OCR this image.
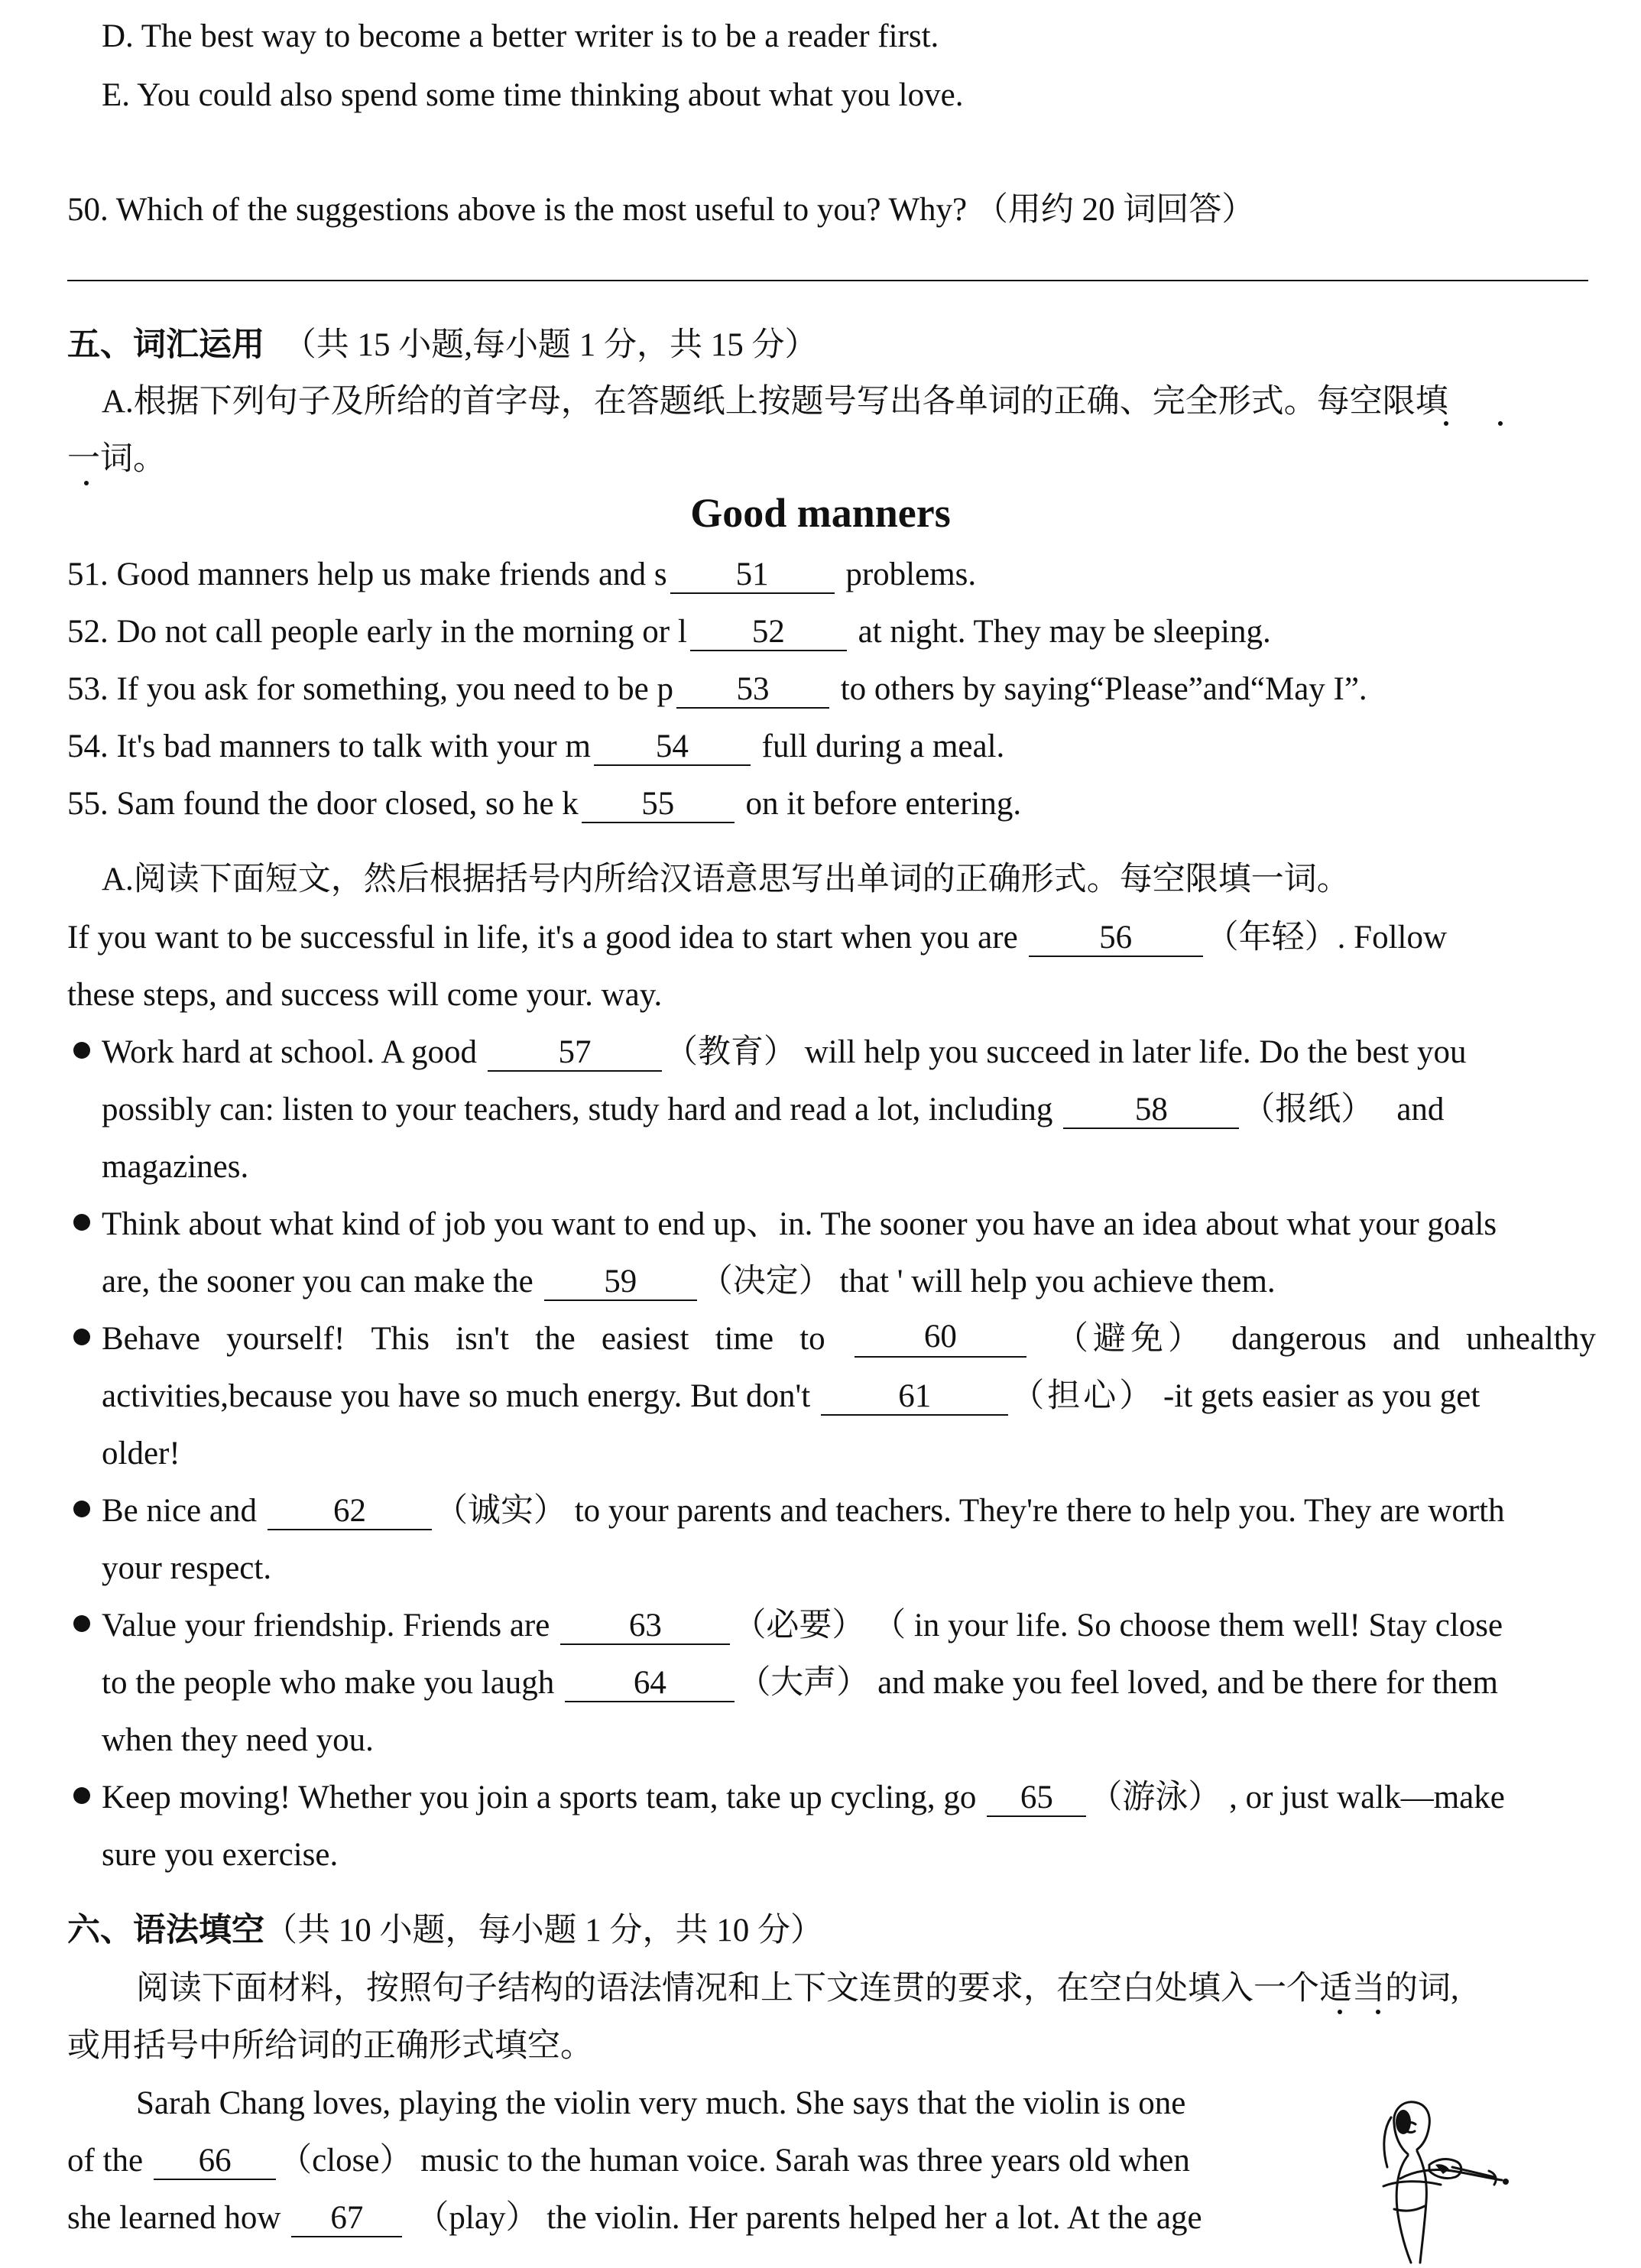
D. The best way to become a better writer is to be a reader first.
E. You could also spend some time thinking about what you love.
50. Which of the suggestions above is the most useful to you? Why? （用约 20 词回答）
五、词汇运用 （共 15 小题,每小题 1 分，共 15 分）
A.根据下列句子及所给的首字母，在答题纸上按题号写出各单词的正确、完全形式。每空限填
一词。
Good manners
51. Good manners help us make friends and s 51 problems.
52. Do not call people early in the morning or l 52 at night. They may be sleeping.
53. If you ask for something, you need to be p 53 to others by saying“Please”and“May I”.
54. It's bad manners to talk with your m 54 full during a meal.
55. Sam found the door closed, so he k 55 on it before entering.
A.阅读下面短文，然后根据括号内所给汉语意思写出单词的正确形式。每空限填一词。
If you want to be successful in life, it's a good idea to start when you are 56 （年轻）. Follow
these steps, and success will come your. way.
Work hard at school. A good 57 （教育） will help you succeed in later life. Do the best you
possibly can: listen to your teachers, study hard and read a lot, including	58 （报纸） and
magazines.
Think about what kind of job you want to end up、in. The sooner you have an idea about what your goals
are, the sooner you can make the 59 （决定） that ' will help you achieve them.
Behave yourself! This isn't the easiest time to	60	（避免） dangerous and unhealthy
activities,because you have so much energy. But don't	61 （担心） -it gets easier as you get
older!
Be nice and 62 （诚实） to your parents and teachers. They're there to help you. They are worth
your respect.
Value your friendship. Friends are 63 （必要） （ in your life. So choose them well! Stay close
to the people who make you laugh 64 （大声） and make you feel loved, and be there for them
when they need you.
Keep moving! Whether you join a sports team, take up cycling, go 65 （游泳） , or just walk—make
sure you exercise.
六、语法填空（共 10 小题，每小题 1 分，共 10 分）
阅读下面材料，按照句子结构的语法情况和上下文连贯的要求，在空白处填入一个适当的词,
或用括号中所给词的正确形式填空。
Sarah Chang loves, playing the violin very much. She says that the violin is one
of the 66 （close） music to the human voice. Sarah was three years old when
she learned how 67 （play） the violin. Her parents helped her a lot. At the age
